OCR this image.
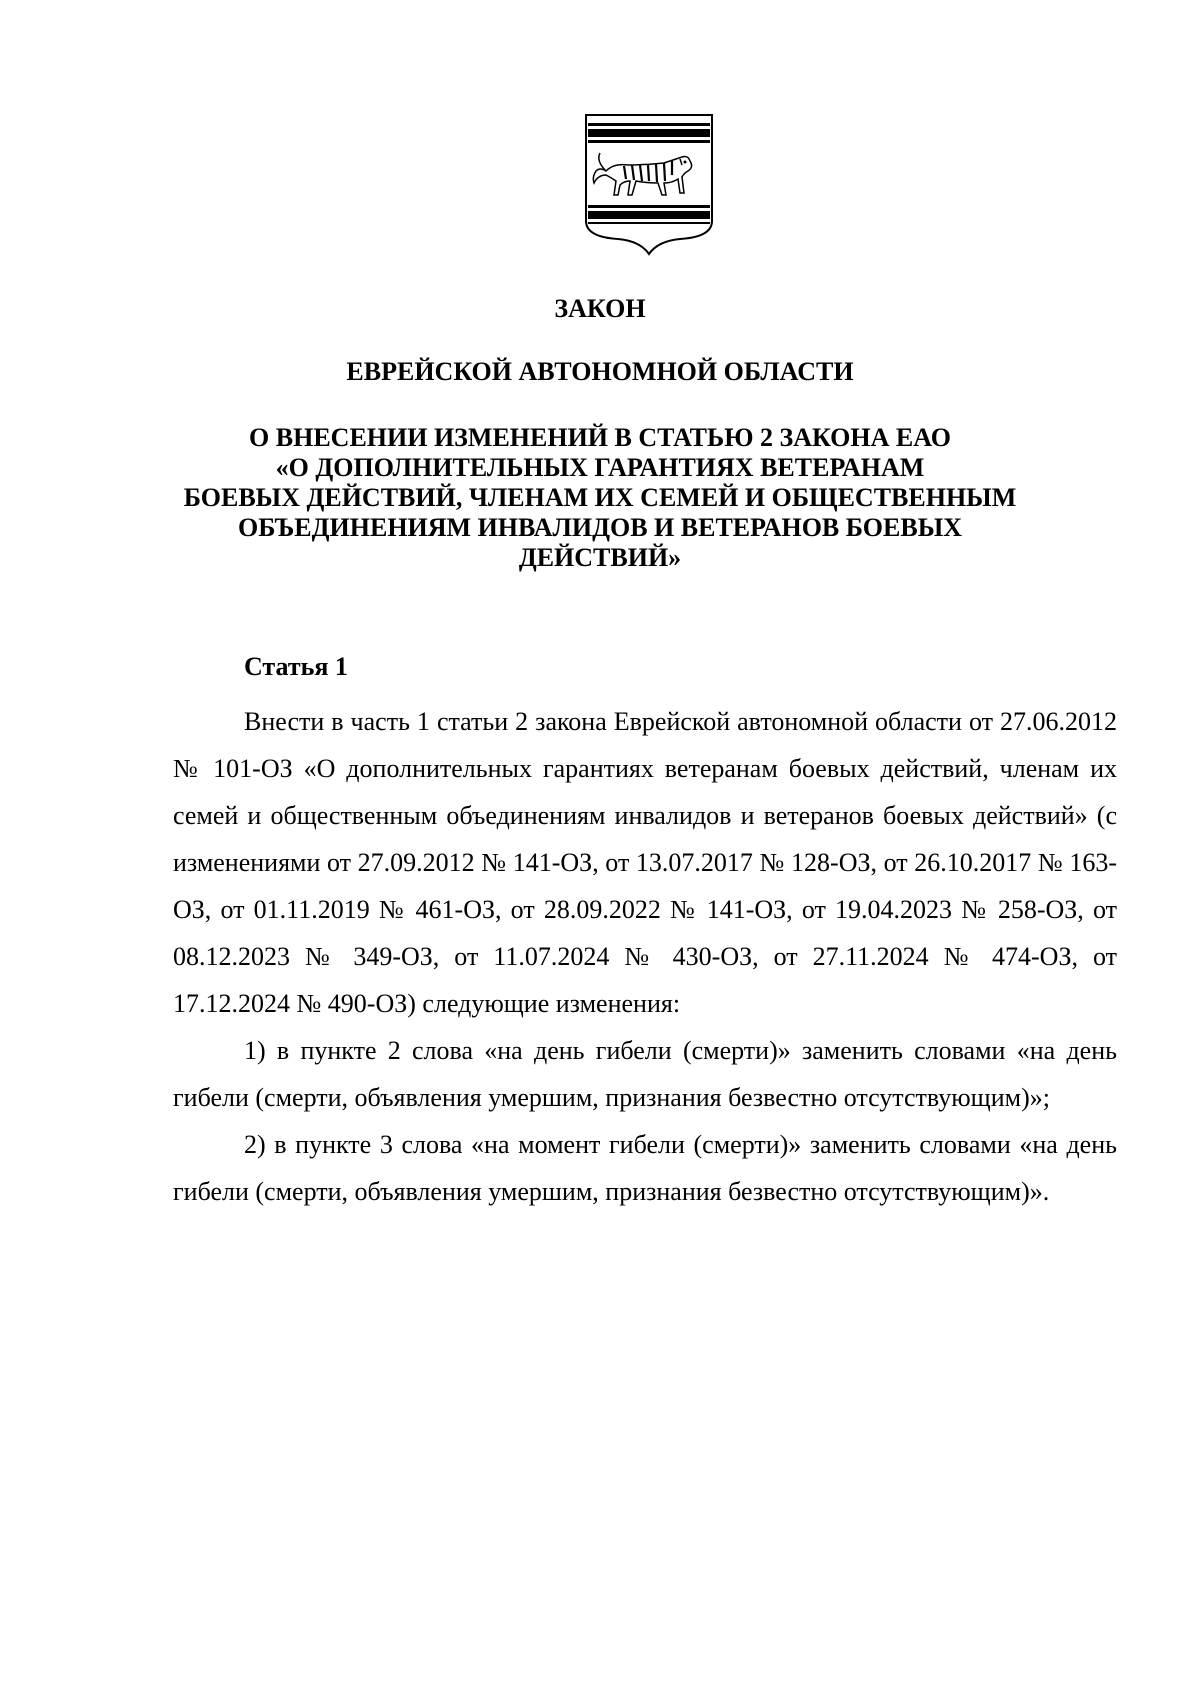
ЗАКОН
ЕВРЕЙСКОЙ АВТОНОМНОЙ ОБЛАСТИ
О ВНЕСЕНИИ ИЗМЕНЕНИЙ В СТАТЬЮ 2 ЗАКОНА ЕАО
«О ДОПОЛНИТЕЛЬНЫХ ГАРАНТИЯХ ВЕТЕРАНАМ
БОЕВЫХ ДЕЙСТВИЙ, ЧЛЕНАМ ИХ СЕМЕЙ И ОБЩЕСТВЕННЫМ
ОБЪЕДИНЕНИЯМ ИНВАЛИДОВ И ВЕТЕРАНОВ БОЕВЫХ
ДЕЙСТВИЙ»
Статья 1

Внести в часть 1 статьи 2 закона Еврейской автономной области от 27.06.2012 № 101-ОЗ «О дополнительных гарантиях ветеранам боевых действий, членам их семей и общественным объединениям инвалидов и ветеранов боевых действий» (с изменениями от 27.09.2012 № 141-ОЗ, от 13.07.2017 № 128-ОЗ, от 26.10.2017 № 163-ОЗ, от 01.11.2019 № 461-ОЗ, от 28.09.2022 № 141-ОЗ, от 19.04.2023 № 258-ОЗ, от 08.12.2023 № 349-ОЗ, от 11.07.2024 № 430-ОЗ, от 27.11.2024 № 474-ОЗ, от 17.12.2024 № 490-ОЗ) следующие изменения:

1) в пункте 2 слова «на день гибели (смерти)» заменить словами «на день гибели (смерти, объявления умершим, признания безвестно отсутствующим)»;

2) в пункте 3 слова «на момент гибели (смерти)» заменить словами «на день гибели (смерти, объявления умершим, признания безвестно отсутствующим)».
